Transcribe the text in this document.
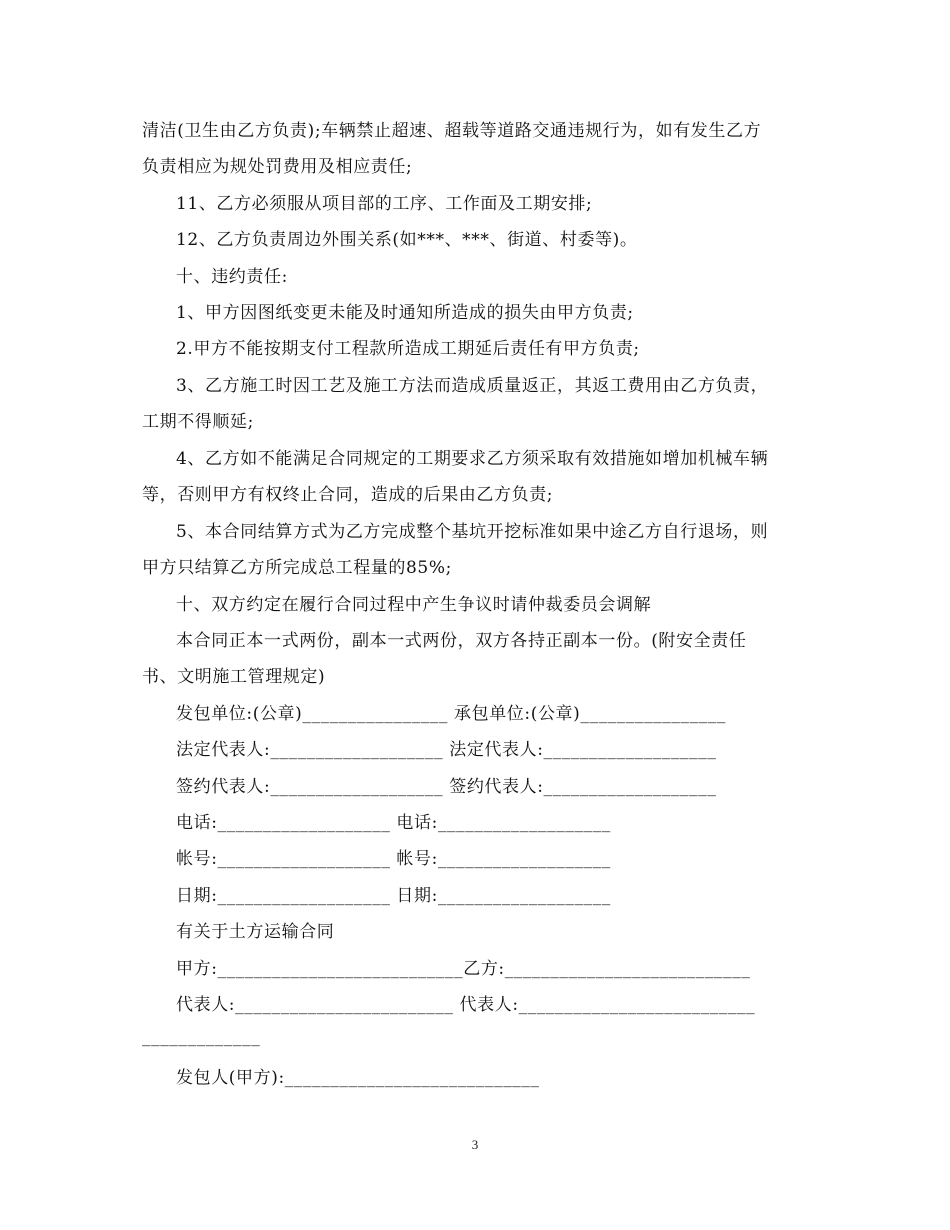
清洁(卫生由乙方负责);车辆禁止超速、超载等道路交通违规行为，如有发生乙方
负责相应为规处罚费用及相应责任;
11、乙方必须服从项目部的工序、工作面及工期安排;
12、乙方负责周边外围关系(如***、***、街道、村委等)。
十、违约责任:
1、甲方因图纸变更未能及时通知所造成的损失由甲方负责;
2.甲方不能按期支付工程款所造成工期延后责任有甲方负责;
3、乙方施工时因工艺及施工方法而造成质量返正，其返工费用由乙方负责，
工期不得顺延;
4、乙方如不能满足合同规定的工期要求乙方须采取有效措施如增加机械车辆
等，否则甲方有权终止合同，造成的后果由乙方负责;
5、本合同结算方式为乙方完成整个基坑开挖标准如果中途乙方自行退场，则
甲方只结算乙方所完成总工程量的85%;
十、双方约定在履行合同过程中产生争议时请仲裁委员会调解
本合同正本一式两份，副本一式两份，双方各持正副本一份。(附安全责任
书、文明施工管理规定)
发包单位:(公章)________________ 承包单位:(公章)________________
法定代表人:___________________ 法定代表人:___________________
签约代表人:___________________ 签约代表人:___________________
电话:___________________ 电话:___________________
帐号:___________________ 帐号:___________________
日期:___________________ 日期:___________________
有关于土方运输合同
甲方:___________________________乙方:___________________________
代表人:________________________ 代表人:__________________________
_____________
发包人(甲方):____________________________
3
